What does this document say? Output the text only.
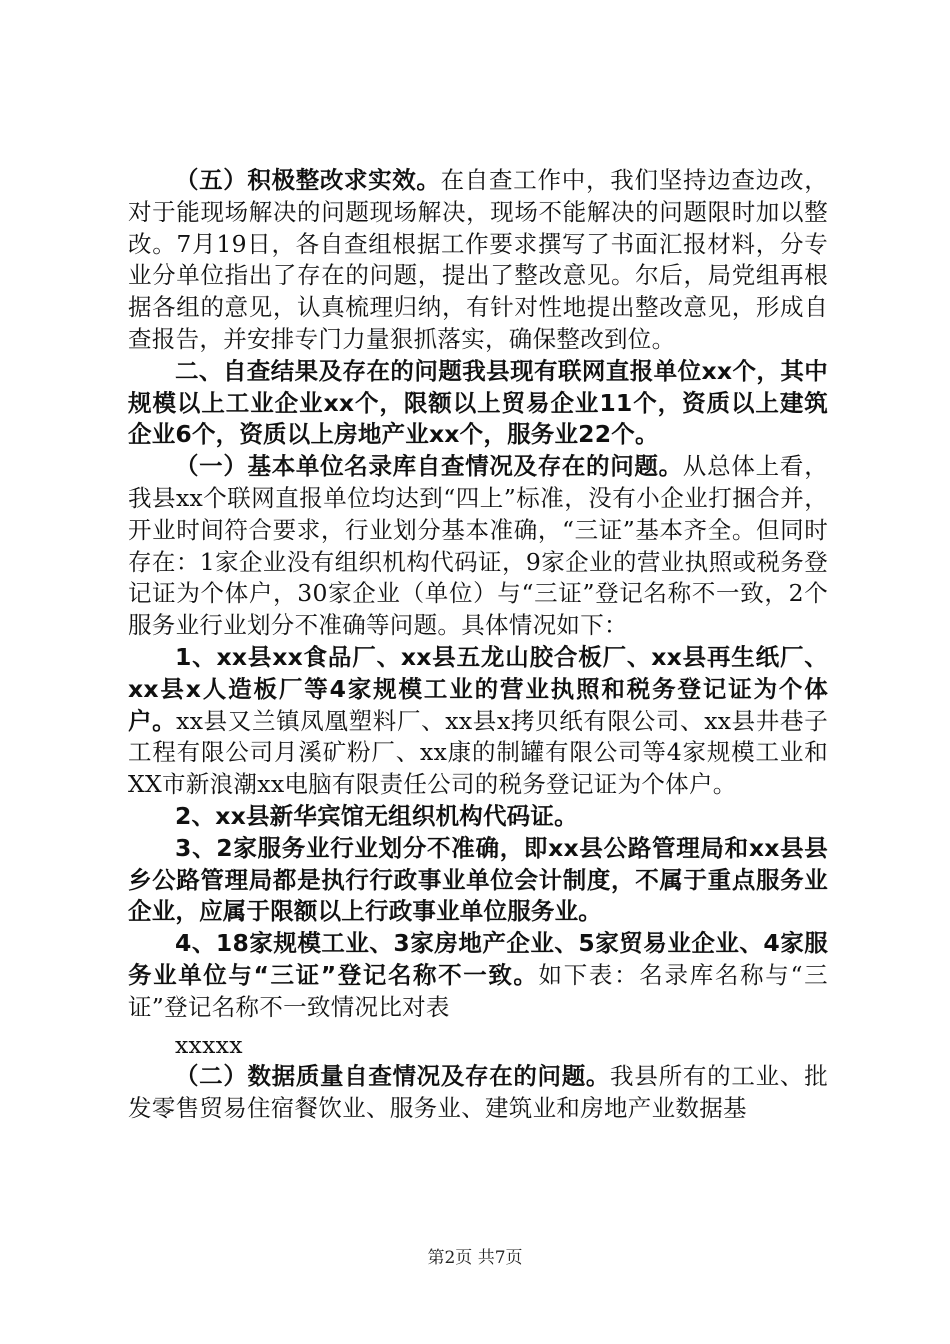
（五）积极整改求实效。在自查工作中，我们坚持边查边改，对于能现场解决的问题现场解决，现场不能解决的问题限时加以整改。7月19日，各自查组根据工作要求撰写了书面汇报材料，分专业分单位指出了存在的问题，提出了整改意见。尔后，局党组再根据各组的意见，认真梳理归纳，有针对性地提出整改意见，形成自查报告，并安排专门力量狠抓落实，确保整改到位。

二、自查结果及存在的问题我县现有联网直报单位xx个，其中规模以上工业企业xx个，限额以上贸易企业11个，资质以上建筑企业6个，资质以上房地产业xx个，服务业22个。

（一）基本单位名录库自查情况及存在的问题。从总体上看，我县xx个联网直报单位均达到“四上”标准，没有小企业打捆合并，开业时间符合要求，行业划分基本准确，“三证”基本齐全。但同时存在：1家企业没有组织机构代码证，9家企业的营业执照或税务登记证为个体户，30家企业（单位）与“三证”登记名称不一致，2个服务业行业划分不准确等问题。具体情况如下：

1、xx县xx食品厂、xx县五龙山胶合板厂、xx县再生纸厂、xx县x人造板厂等4家规模工业的营业执照和税务登记证为个体户。xx县又兰镇凤凰塑料厂、xx县x拷贝纸有限公司、xx县井巷子工程有限公司月溪矿粉厂、xx康的制罐有限公司等4家规模工业和XX市新浪潮xx电脑有限责任公司的税务登记证为个体户。

2、xx县新华宾馆无组织机构代码证。

3、2家服务业行业划分不准确，即xx县公路管理局和xx县县乡公路管理局都是执行行政事业单位会计制度，不属于重点服务业企业，应属于限额以上行政事业单位服务业。

4、18家规模工业、3家房地产企业、5家贸易业企业、4家服务业单位与“三证”登记名称不一致。如下表：名录库名称与“三证”登记名称不一致情况比对表

xxxxx

（二）数据质量自查情况及存在的问题。我县所有的工业、批发零售贸易住宿餐饮业、服务业、建筑业和房地产业数据基

第2页 共7页
